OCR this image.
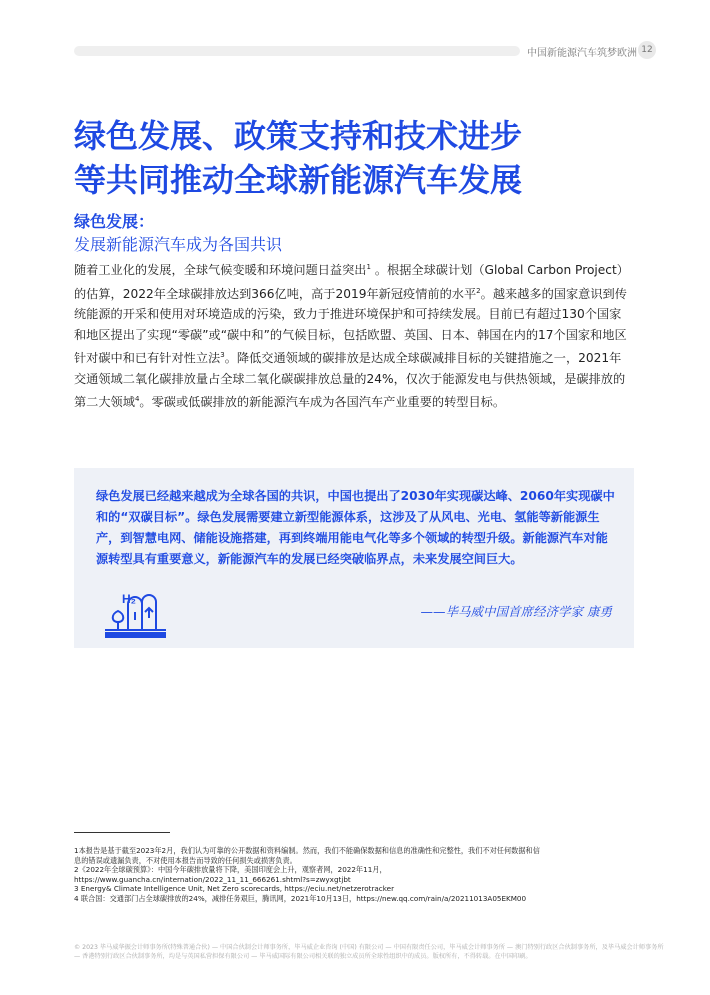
中国新能源汽车筑梦欧洲 12
绿色发展、政策支持和技术进步
等共同推动全球新能源汽车发展
绿色发展：
发展新能源汽车成为各国共识

随着工业化的发展，全球气候变暖和环境问题日益突出$^1$ 。根据全球碳计划（Global Carbon Project）的估算，2022年全球碳排放达到366亿吨，高于2019年新冠疫情前的水平$^2$。越来越多的国家意识到传统能源的开采和使用对环境造成的污染，致力于推进环境保护和可持续发展。目前已有超过130个国家和地区提出了实现“零碳”或“碳中和”的气候目标，包括欧盟、英国、日本、韩国在内的17个国家和地区针对碳中和已有针对性立法$^3$。降低交通领域的碳排放是达成全球碳减排目标的关键措施之一，2021年交通领域二氧化碳排放量占全球二氧化碳碳排放总量的24%，仅次于能源发电与供热领域，是碳排放的第二大领域$^4$。零碳或低碳排放的新能源汽车成为各国汽车产业重要的转型目标。

绿色发展已经越来越成为全球各国的共识，中国也提出了2030年实现碳达峰、2060年实现碳中和的“双碳目标”。绿色发展需要建立新型能源体系，这涉及了从风电、光电、氢能等新能源生产，到智慧电网、储能设施搭建，再到终端用能电气化等多个领域的转型升级。新能源汽车对能源转型具有重要意义，新能源汽车的发展已经突破临界点，未来发展空间巨大。

H₂
——毕马威中国首席经济学家 康勇
1本报告是基于截至2023年2月，我们认为可靠的公开数据和资料编制。然而，我们不能确保数据和信息的准确性和完整性，我们不对任何数据和信息的错误或遗漏负责，不对使用本报告而导致的任何损失或损害负责。
2《2022年全球碳预算》：中国今年碳排放量将下降，美国印度会上升，观察者网，2022年11月，https://www.guancha.cn/internation/2022_11_11_666261.shtml?s=zwyxgtjbt
3 Energy& Climate Intelligence Unit, Net Zero scorecards, https://eciu.net/netzerotracker
4 联合国：交通部门占全球碳排放的24%，减排任务艰巨，腾讯网，2021年10月13日，https://new.qq.com/rain/a/20211013A05EKM00
© 2023 毕马威华振会计师事务所(特殊普通合伙) — 中国合伙制会计师事务所，毕马威企业咨询 (中国) 有限公司 — 中国有限责任公司，毕马威会计师事务所 — 澳门特别行政区合伙制事务所，及毕马威会计师事务所 — 香港特别行政区合伙制事务所，均是与英国私营担保有限公司 — 毕马威国际有限公司相关联的独立成员所全球性组织中的成员。版权所有，不得转载。在中国印刷。
